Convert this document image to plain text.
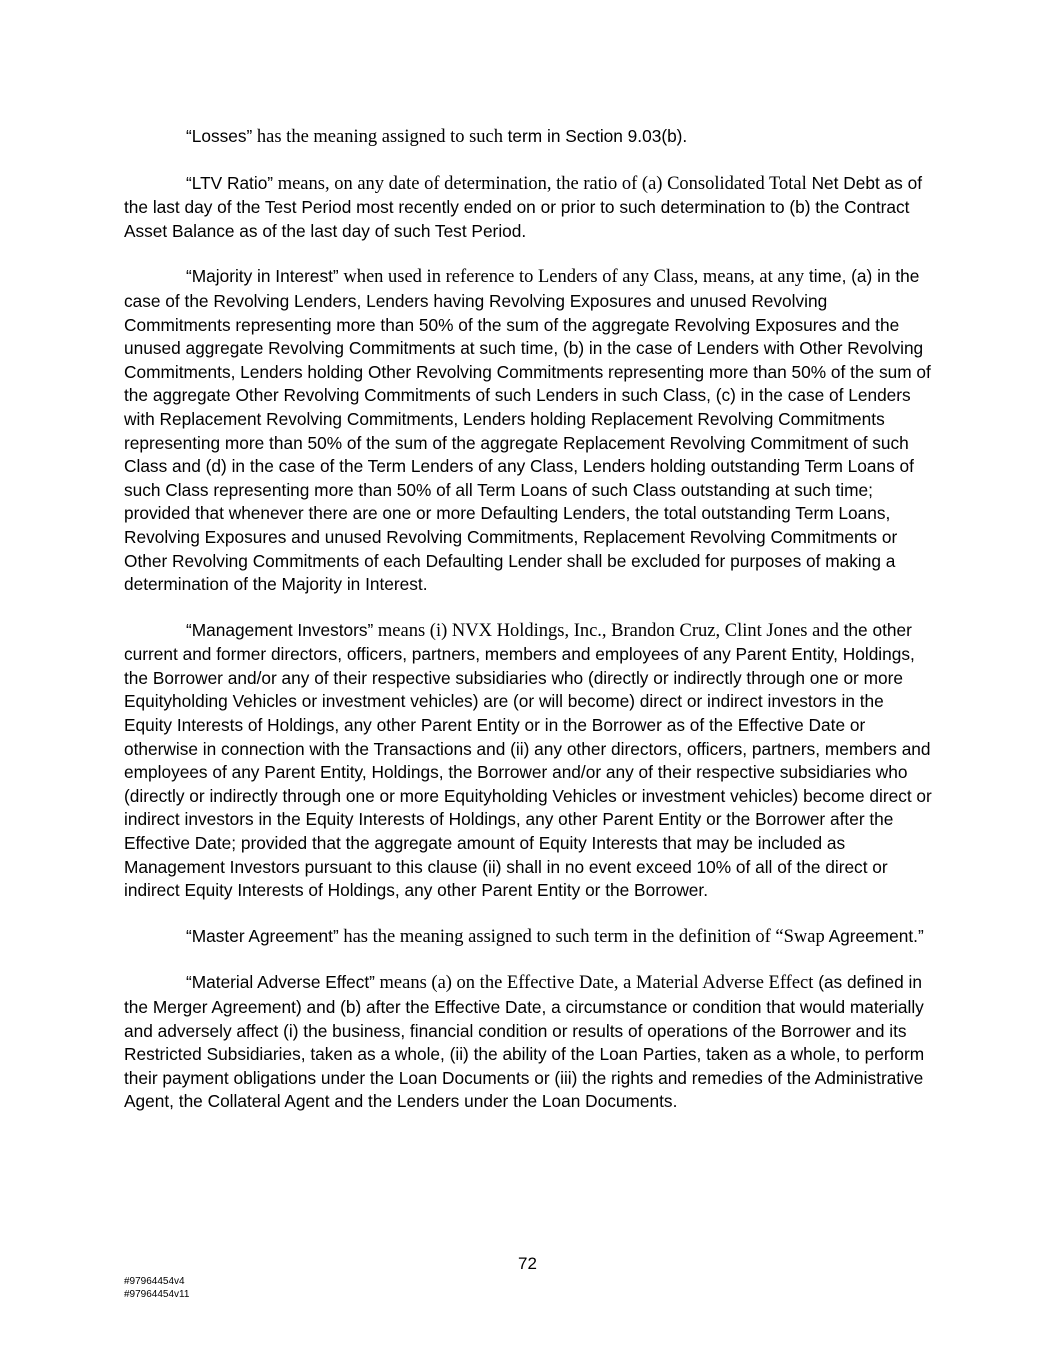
“Losses” has the meaning assigned to such term in Section 9.03(b).

“LTV Ratio” means, on any date of determination, the ratio of (a) Consolidated Total Net Debt as of the last day of the Test Period most recently ended on or prior to such determination to (b) the Contract Asset Balance as of the last day of such Test Period.

“Majority in Interest” when used in reference to Lenders of any Class, means, at any time, (a) in the case of the Revolving Lenders, Lenders having Revolving Exposures and unused Revolving Commitments representing more than 50% of the sum of the aggregate Revolving Exposures and the unused aggregate Revolving Commitments at such time, (b) in the case of Lenders with Other Revolving Commitments, Lenders holding Other Revolving Commitments representing more than 50% of the sum of the aggregate Other Revolving Commitments of such Lenders in such Class, (c) in the case of Lenders with Replacement Revolving Commitments, Lenders holding Replacement Revolving Commitments representing more than 50% of the sum of the aggregate Replacement Revolving Commitment of such Class and (d) in the case of the Term Lenders of any Class, Lenders holding outstanding Term Loans of such Class representing more than 50% of all Term Loans of such Class outstanding at such time; provided that whenever there are one or more Defaulting Lenders, the total outstanding Term Loans, Revolving Exposures and unused Revolving Commitments, Replacement Revolving Commitments or Other Revolving Commitments of each Defaulting Lender shall be excluded for purposes of making a determination of the Majority in Interest.

“Management Investors” means (i) NVX Holdings, Inc., Brandon Cruz, Clint Jones and the other current and former directors, officers, partners, members and employees of any Parent Entity, Holdings, the Borrower and/or any of their respective subsidiaries who (directly or indirectly through one or more Equityholding Vehicles or investment vehicles) are (or will become) direct or indirect investors in the Equity Interests of Holdings, any other Parent Entity or in the Borrower as of the Effective Date or otherwise in connection with the Transactions and (ii) any other directors, officers, partners, members and employees of any Parent Entity, Holdings, the Borrower and/or any of their respective subsidiaries who (directly or indirectly through one or more Equityholding Vehicles or investment vehicles) become direct or indirect investors in the Equity Interests of Holdings, any other Parent Entity or the Borrower after the Effective Date; provided that the aggregate amount of Equity Interests that may be included as Management Investors pursuant to this clause (ii) shall in no event exceed 10% of all of the direct or indirect Equity Interests of Holdings, any other Parent Entity or the Borrower.

“Master Agreement” has the meaning assigned to such term in the definition of “Swap Agreement.”

“Material Adverse Effect” means (a) on the Effective Date, a Material Adverse Effect (as defined in the Merger Agreement) and (b) after the Effective Date, a circumstance or condition that would materially and adversely affect (i) the business, financial condition or results of operations of the Borrower and its Restricted Subsidiaries, taken as a whole, (ii) the ability of the Loan Parties, taken as a whole, to perform their payment obligations under the Loan Documents or (iii) the rights and remedies of the Administrative Agent, the Collateral Agent and the Lenders under the Loan Documents.

72
#97964454v4
#97964454v11
